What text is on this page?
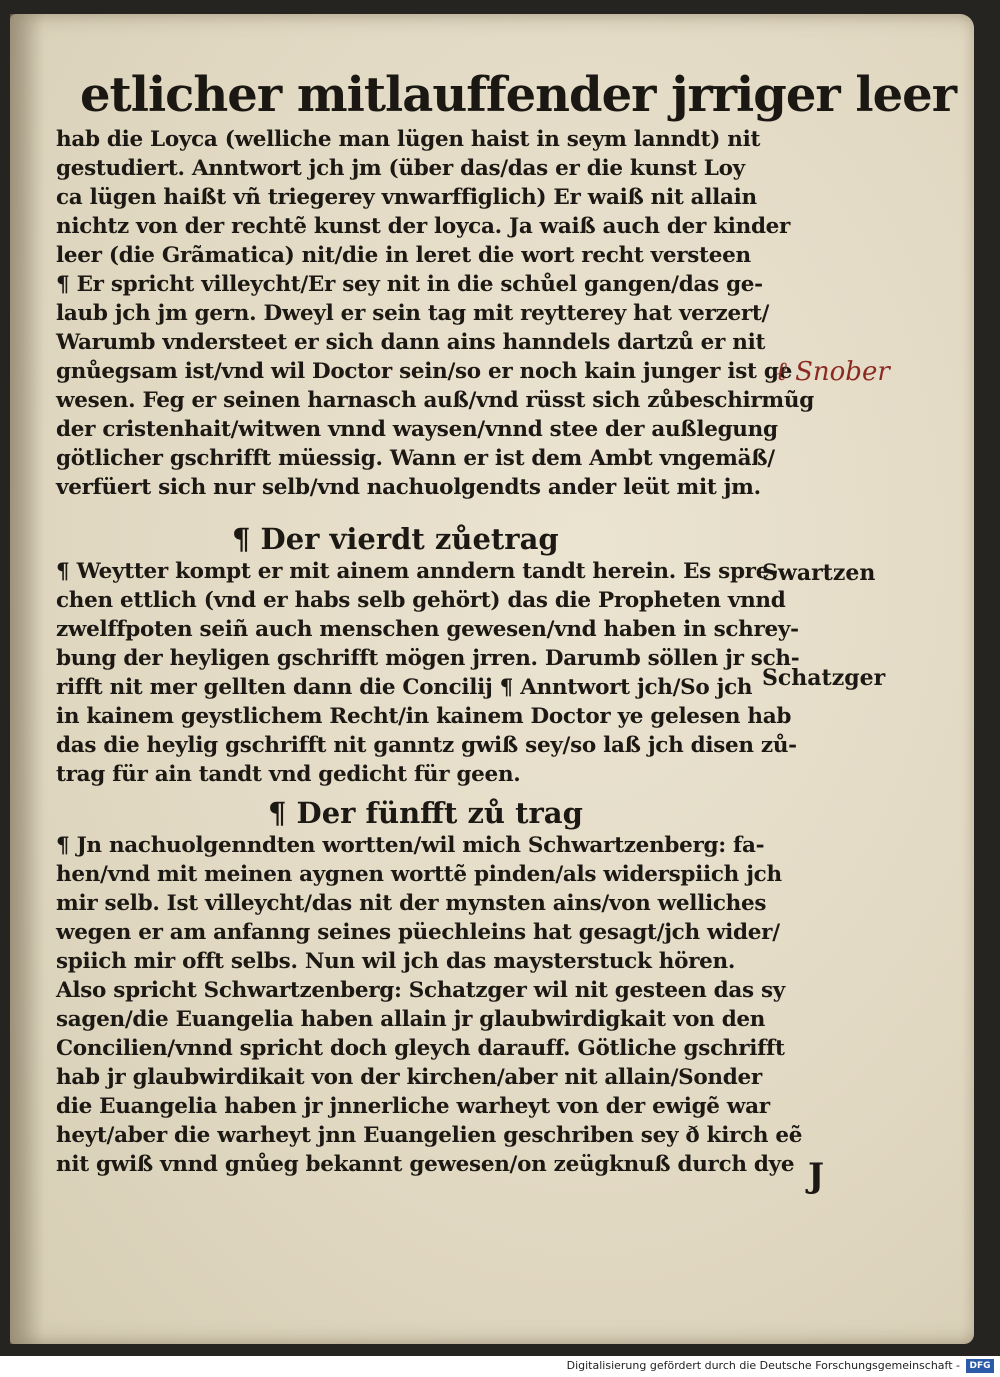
etlicher mitlauffender jrriger leer
hab die Loyca (welliche man lügen haist in seym lanndt) nit
gestudiert. Anntwort jch jm (über das/das er die kunst Loy
ca lügen haißt vñ triegerey vnwarffiglich) Er waiß nit allain
nichtz von der rechtẽ kunst der loyca. Ja waiß auch der kinder
leer (die Grãmatica) nit/die in leret die wort recht versteen
¶ Er spricht villeycht/Er sey nit in die schůel gangen/das ge-
laub jch jm gern. Dweyl er sein tag mit reytterey hat verzert/
Warumb vndersteet er sich dann ains hanndels dartzů er nit
gnůegsam ist/vnd wil Doctor sein/so er noch kain junger ist ge
wesen. Feg er seinen harnasch auß/vnd rüsst sich zůbeschirmũg
der cristenhait/witwen vnnd waysen/vnnd stee der außlegung
götlicher gschrifft müessig. Wann er ist dem Ambt vngemäß/
verfüert sich nur selb/vnd nachuolgendts ander leüt mit jm.
¶ Der vierdt zůetrag
¶ Weytter kompt er mit ainem anndern tandt herein. Es spre-
chen ettlich (vnd er habs selb gehört) das die Propheten vnnd
zwelffpoten seiñ auch menschen gewesen/vnd haben in schrey-
bung der heyligen gschrifft mögen jrren. Darumb söllen jr sch-
rifft nit mer gellten dann die Concilij ¶ Anntwort jch/So jch
in kainem geystlichem Recht/in kainem Doctor ye gelesen hab
das die heylig gschrifft nit ganntz gwiß sey/so laß jch disen zů-
trag für ain tandt vnd gedicht für geen.
¶ Der fünfft zů trag
¶ Jn nachuolgenndten wortten/wil mich Schwartzenberg: fa-
hen/vnd mit meinen aygnen worttẽ pinden/als widerspiich jch
mir selb. Ist villeycht/das nit der mynsten ains/von welliches
wegen er am anfanng seines püechleins hat gesagt/jch wider/
spiich mir offt selbs. Nun wil jch das maysterstuck hören.
Also spricht Schwartzenberg: Schatzger wil nit gesteen das sy
sagen/die Euangelia haben allain jr glaubwirdigkait von den
Concilien/vnnd spricht doch gleych darauff. Götliche gschrifft
hab jr glaubwirdikait von der kirchen/aber nit allain/Sonder
die Euangelia haben jr jnnerliche warheyt von der ewigẽ war
heyt/aber die warheyt jnn Euangelien geschriben sey ð kirch eẽ
nit gwiß vnnd gnůeg bekannt gewesen/on zeügknuß durch dye
ℓ Snober
Swartzen
Schatzger
J
Digitalisierung gefördert durch die Deutsche Forschungsgemeinschaft -	DFG
